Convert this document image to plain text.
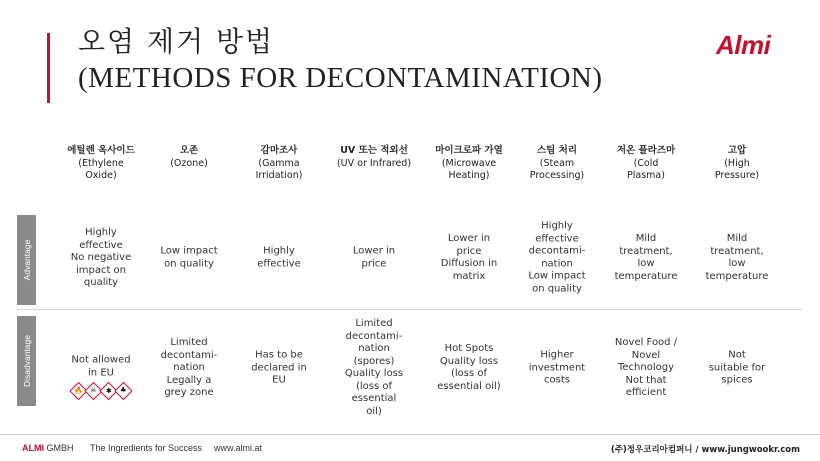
오염 제거 방법
(METHODS FOR DECONTAMINATION)
Almi
에틸렌 옥사이드
(Ethylene
Oxide)
오존
(Ozone)
감마조사
(Gamma
Irridation)
UV 또는 적외선
(UV or Infrared)
마이크로파 가열
(Microwave
Heating)
스팀 처리
(Steam
Processing)
저온 플라즈마
(Cold
Plasma)
고압
(High
Pressure)
Advantage
Disadvantage
Highly
effective
No negative
impact on
quality
Low impact
on quality
Highly
effective
Lower in
price
Lower in
price
Diffusion in
matrix
Highly
effective
decontami-
nation
Low impact
on quality
Mild
treatment,
low
temperature
Mild
treatment,
low
temperature
Not allowed
in EU
🔥 ☠ ✱ ♣
Limited
decontami-
nation
Legally a
grey zone
Has to be
declared in
EU
Limited
decontami-
nation
(spores)
Quality loss
(loss of
essential
oil)
Hot Spots
Quality loss
(loss of
essential oil)
Higher
investment
costs
Novel Food /
Novel
Technology
Not that
efficient
Not
suitable for
spices
ALMI GMBH The Ingredients for Success www.almi.at	(주)정우코리아컴퍼니 / www.jungwookr.com
